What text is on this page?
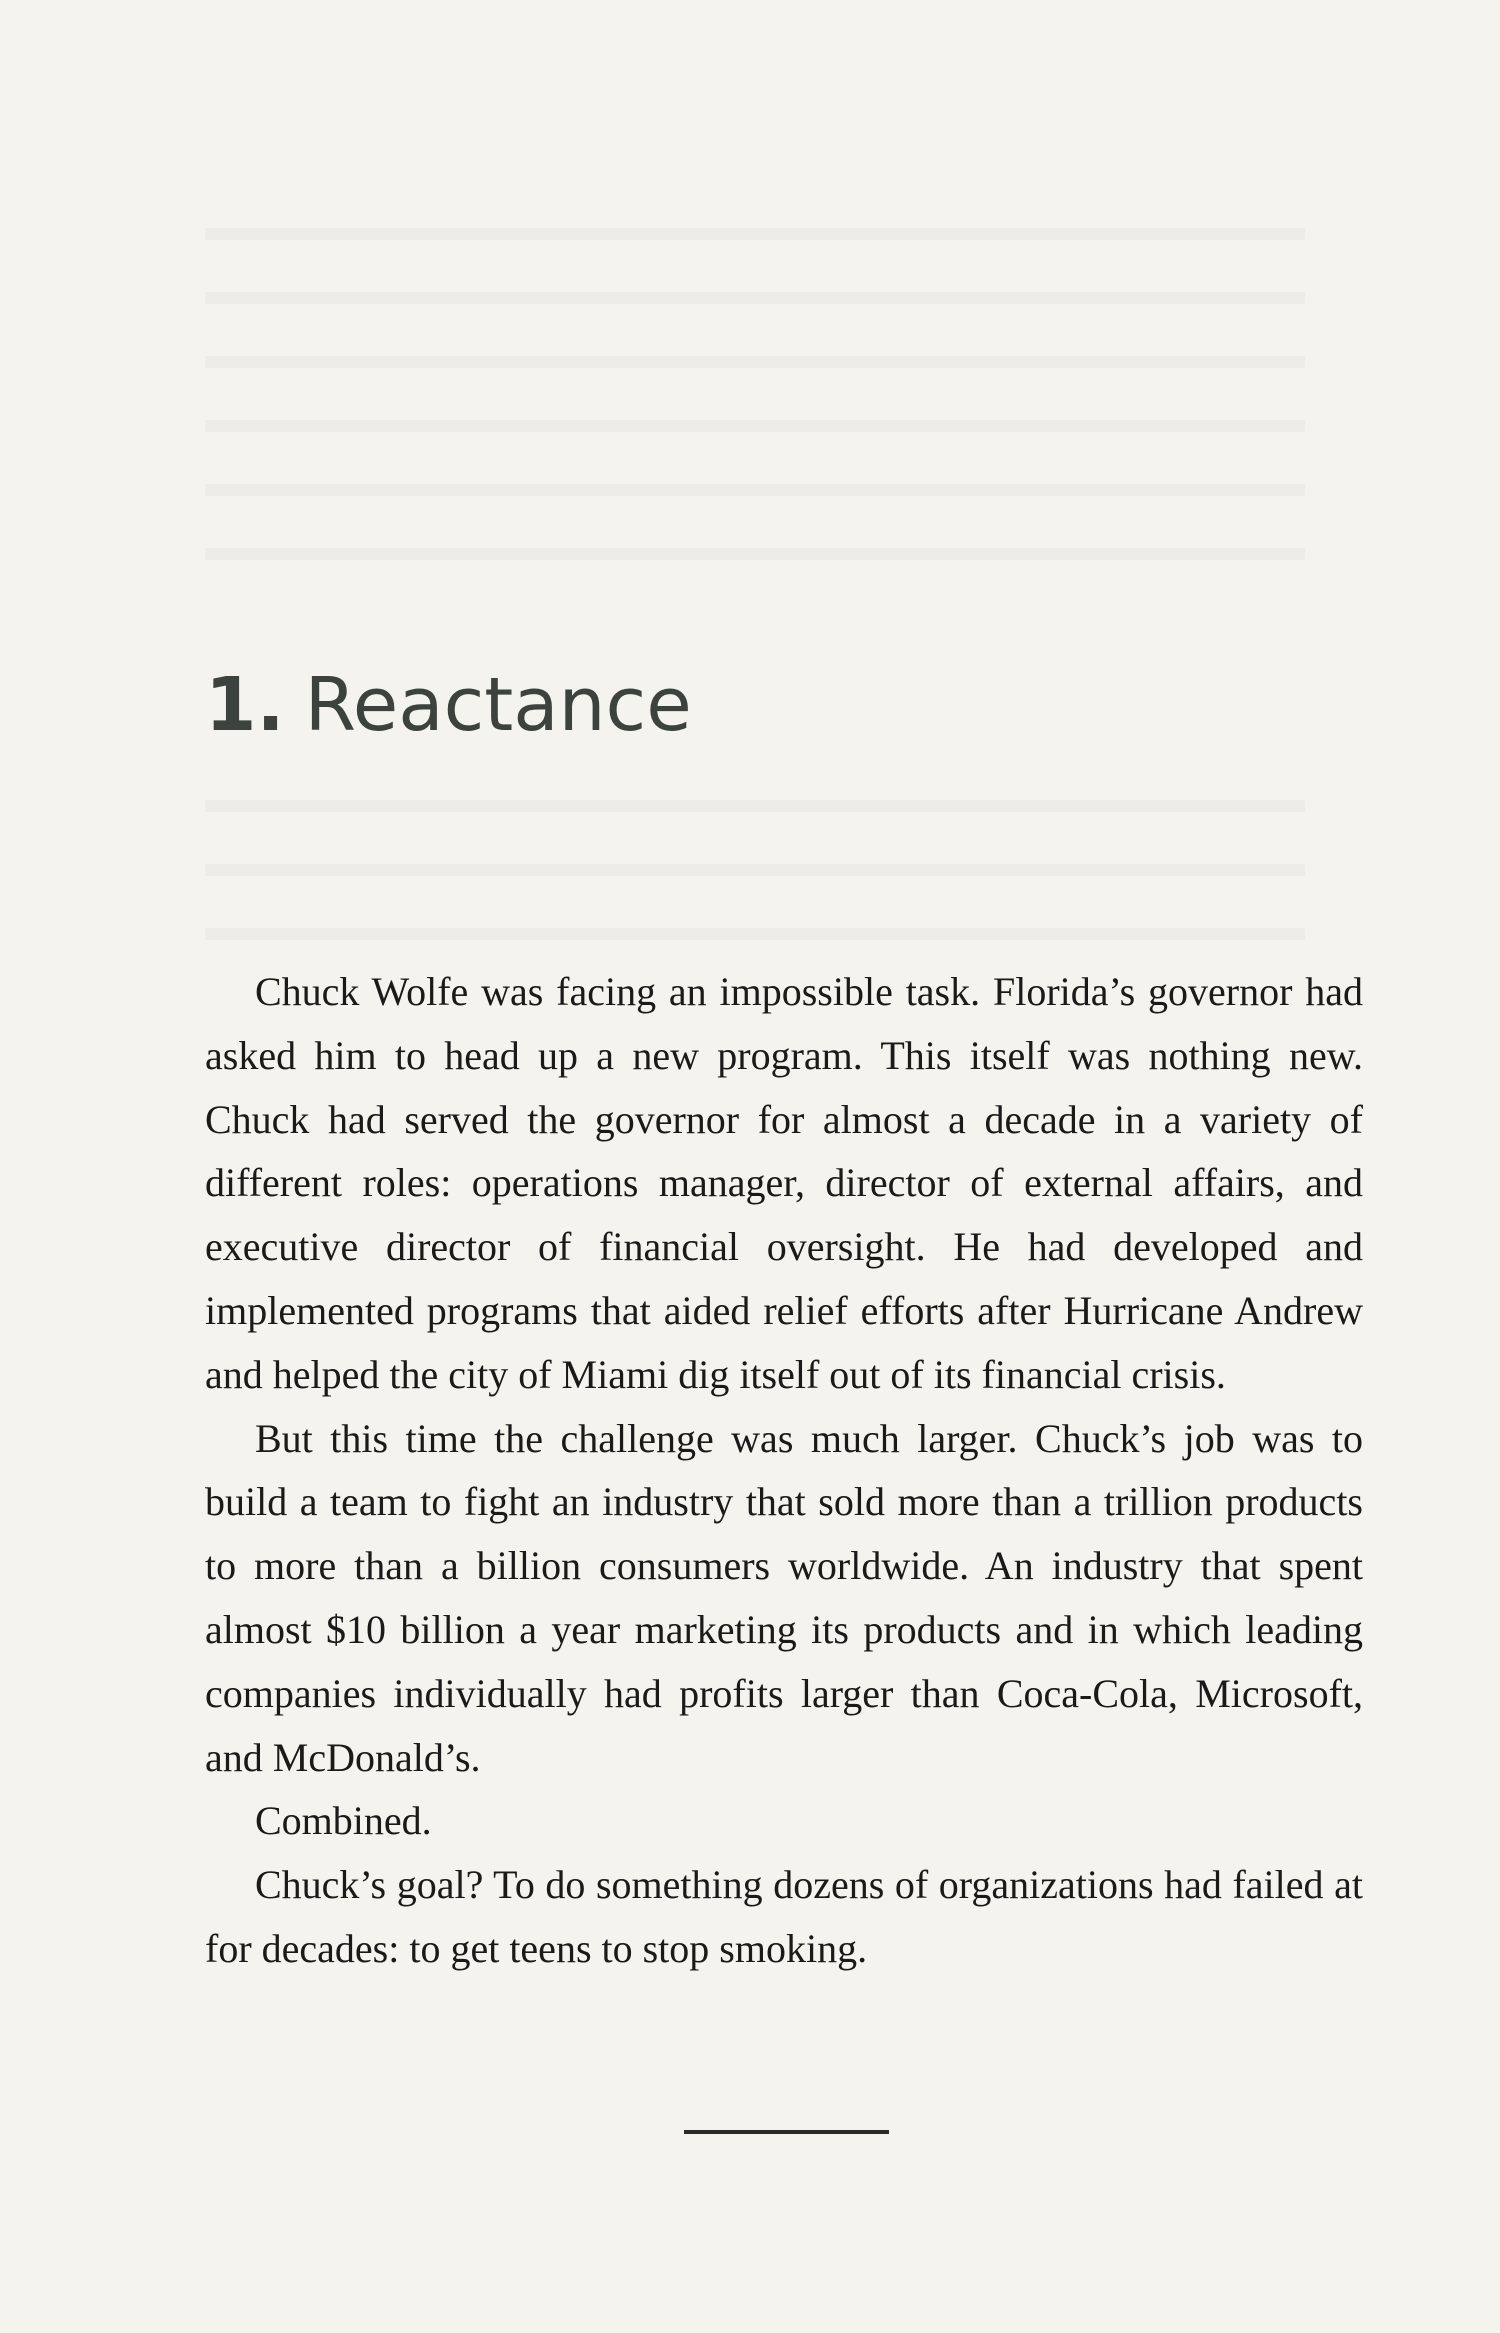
1. Reactance

Chuck Wolfe was facing an impossible task. Florida’s governor had asked him to head up a new program. This itself was nothing new. Chuck had served the governor for almost a decade in a variety of different roles: operations manager, director of external affairs, and executive director of financial oversight. He had developed and implemented programs that aided relief efforts after Hurricane Andrew and helped the city of Miami dig itself out of its financial crisis.

But this time the challenge was much larger. Chuck’s job was to build a team to fight an industry that sold more than a trillion products to more than a billion consumers worldwide. An industry that spent almost $10 billion a year marketing its products and in which leading companies individually had profits larger than Coca-Cola, Microsoft, and McDonald’s.

Combined.

Chuck’s goal? To do something dozens of organizations had failed at for decades: to get teens to stop smoking.
